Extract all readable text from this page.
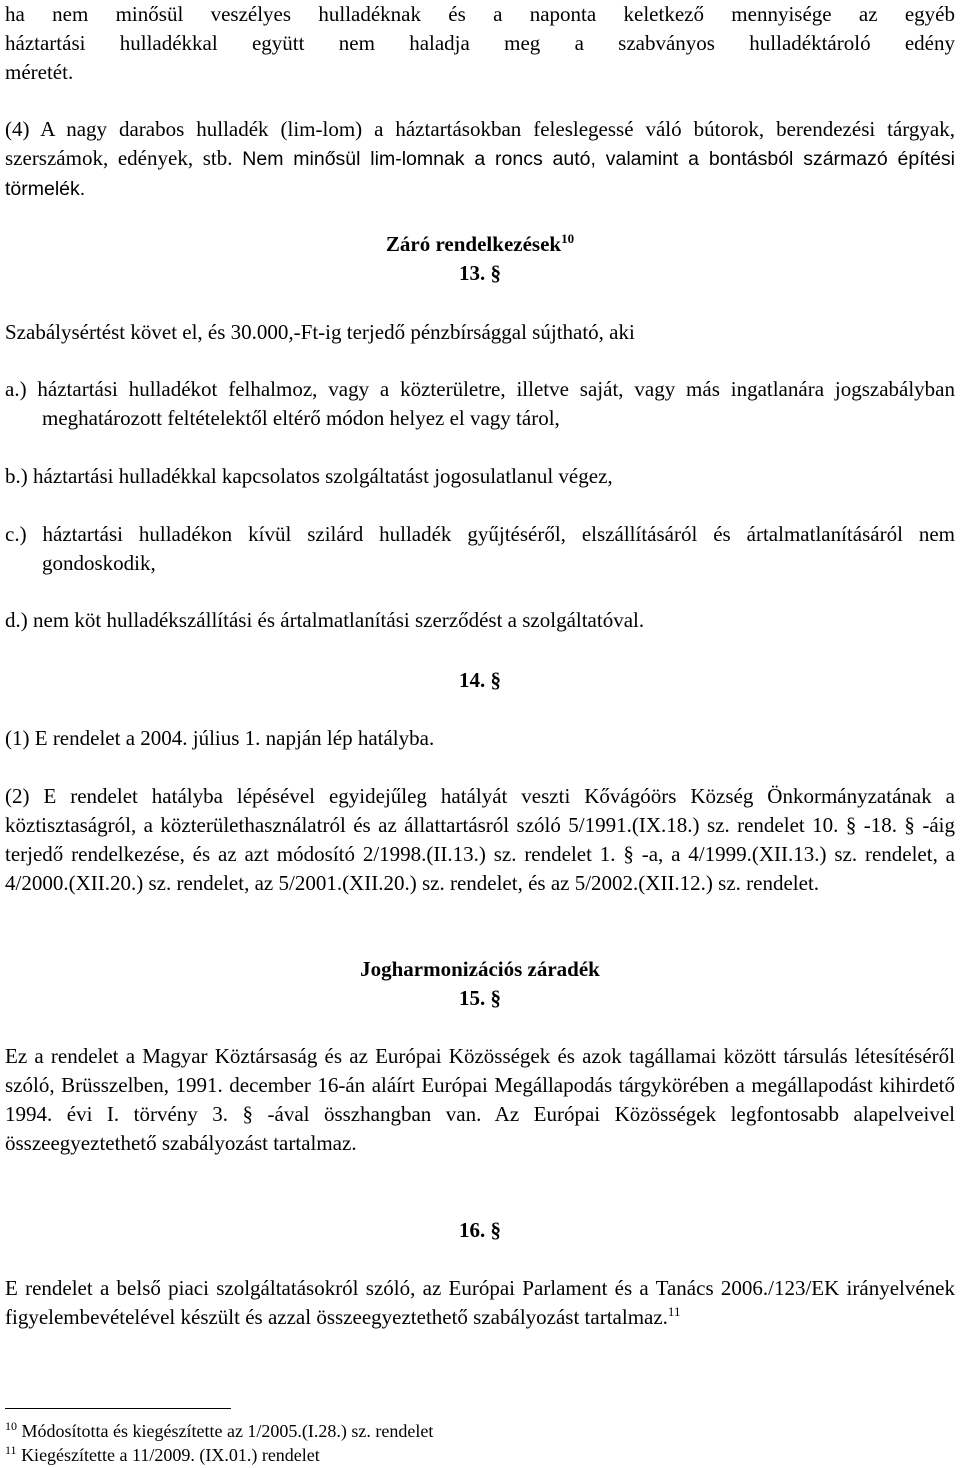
ha nem minősül veszélyes hulladéknak és a naponta keletkező mennyisége az egyéb
háztartási hulladékkal együtt nem haladja meg a szabványos hulladéktároló edény
méretét.
(4) A nagy darabos hulladék (lim-lom) a háztartásokban feleslegessé váló bútorok, berendezési tárgyak, szerszámok, edények, stb. Nem minősül lim-lomnak a roncs autó, valamint a bontásból származó építési törmelék.
Záró rendelkezések$^{10}$
13. §
Szabálysértést követ el, és 30.000,-Ft-ig terjedő pénzbírsággal sújtható, aki
a.) háztartási hulladékot felhalmoz, vagy a közterületre, illetve saját, vagy más ingatlanára jogszabályban meghatározott feltételektől eltérő módon helyez el vagy tárol,
b.) háztartási hulladékkal kapcsolatos szolgáltatást jogosulatlanul végez,
c.) háztartási hulladékon kívül szilárd hulladék gyűjtéséről, elszállításáról és ártalmatlanításáról nem gondoskodik,
d.) nem köt hulladékszállítási és ártalmatlanítási szerződést a szolgáltatóval.
14. §
(1) E rendelet a 2004. július 1. napján lép hatályba.
(2) E rendelet hatályba lépésével egyidejűleg hatályát veszti Kővágóörs Község Önkormányzatának a köztisztaságról, a közterülethasználatról és az állattartásról szóló 5/1991.(IX.18.) sz. rendelet 10. § -18. § -áig terjedő rendelkezése, és az azt módosító 2/1998.(II.13.) sz. rendelet 1. § -a, a 4/1999.(XII.13.) sz. rendelet, a 4/2000.(XII.20.) sz. rendelet, az 5/2001.(XII.20.) sz. rendelet, és az 5/2002.(XII.12.) sz. rendelet.
Jogharmonizációs záradék
15. §
Ez a rendelet a Magyar Köztársaság és az Európai Közösségek és azok tagállamai között társulás létesítéséről szóló, Brüsszelben, 1991. december 16-án aláírt Európai Megállapodás tárgykörében a megállapodást kihirdető 1994. évi I. törvény 3. § -ával összhangban van. Az Európai Közösségek legfontosabb alapelveivel összeegyeztethető szabályozást tartalmaz.
16. §
E rendelet a belső piaci szolgáltatásokról szóló, az Európai Parlament és a Tanács 2006./123/EK irányelvének figyelembevételével készült és azzal összeegyeztethető szabályozást tartalmaz.$^{11}$
$^{10}$ Módosította és kiegészítette az 1/2005.(I.28.) sz. rendelet
$^{11}$ Kiegészítette a 11/2009. (IX.01.) rendelet
